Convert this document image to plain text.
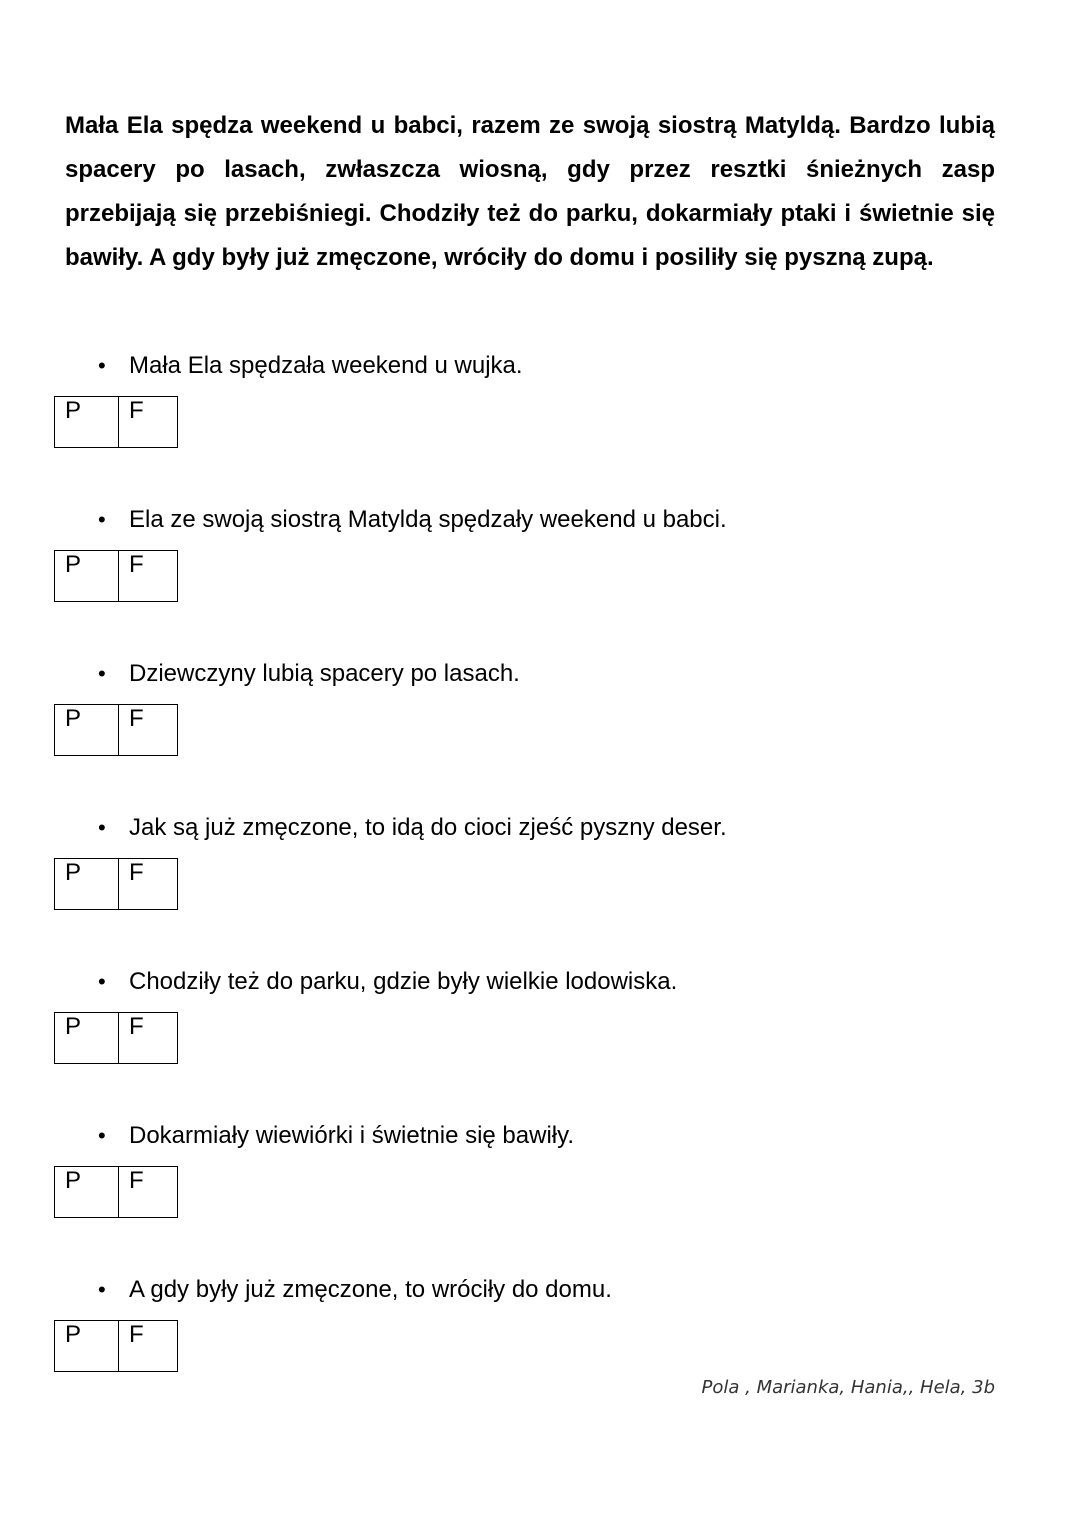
Mała Ela spędza weekend u babci, razem ze swoją siostrą Matyldą. Bardzo lubią spacery po lasach, zwłaszcza wiosną, gdy przez resztki śnieżnych zasp przebijają się przebiśniegi. Chodziły też do parku, dokarmiały ptaki i świetnie się bawiły. A gdy były już zmęczone, wróciły do domu i posiliły się pyszną zupą.

• Mała Ela spędzała weekend u wujka.
P	F
• Ela ze swoją siostrą Matyldą spędzały weekend u babci.
P	F
• Dziewczyny lubią spacery po lasach.
P	F
• Jak są już zmęczone, to idą do cioci zjeść pyszny deser.
P	F
• Chodziły też do parku, gdzie były wielkie lodowiska.
P	F
• Dokarmiały wiewiórki i świetnie się bawiły.
P	F
• A gdy były już zmęczone, to wróciły do domu.
P	F
Pola , Marianka, Hania,, Hela, 3b
